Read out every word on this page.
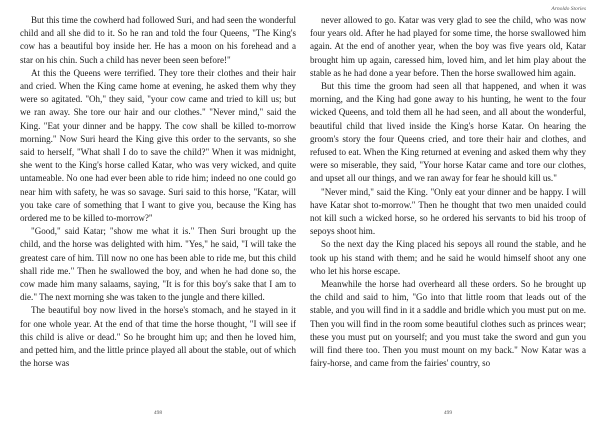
But this time the cowherd had followed Suri, and had seen the wonderful child and all she did to it. So he ran and told the four Queens, "The King's cow has a beautiful boy inside her. He has a moon on his forehead and a star on his chin. Such a child has never been seen before!"

At this the Queens were terrified. They tore their clothes and their hair and cried. When the King came home at evening, he asked them why they were so agitated. "Oh," they said, "your cow came and tried to kill us; but we ran away. She tore our hair and our clothes." "Never mind," said the King. "Eat your dinner and be happy. The cow shall be killed to-morrow morning." Now Suri heard the King give this order to the servants, so she said to herself, "What shall I do to save the child?" When it was midnight, she went to the King's horse called Katar, who was very wicked, and quite untameable. No one had ever been able to ride him; indeed no one could go near him with safety, he was so savage. Suri said to this horse, "Katar, will you take care of something that I want to give you, because the King has ordered me to be killed to-morrow?"

"Good," said Katar; "show me what it is." Then Suri brought up the child, and the horse was delighted with him. "Yes," he said, "I will take the greatest care of him. Till now no one has been able to ride me, but this child shall ride me." Then he swallowed the boy, and when he had done so, the cow made him many salaams, saying, "It is for this boy's sake that I am to die." The next morning she was taken to the jungle and there killed.

The beautiful boy now lived in the horse's stomach, and he stayed in it for one whole year. At the end of that time the horse thought, "I will see if this child is alive or dead." So he brought him up; and then he loved him, and petted him, and the little prince played all about the stable, out of which the horse was

498
Arnoldo Stories

never allowed to go. Katar was very glad to see the child, who was now four years old. After he had played for some time, the horse swallowed him again. At the end of another year, when the boy was five years old, Katar brought him up again, caressed him, loved him, and let him play about the stable as he had done a year before. Then the horse swallowed him again.

But this time the groom had seen all that happened, and when it was morning, and the King had gone away to his hunting, he went to the four wicked Queens, and told them all he had seen, and all about the wonderful, beautiful child that lived inside the King's horse Katar. On hearing the groom's story the four Queens cried, and tore their hair and clothes, and refused to eat. When the King returned at evening and asked them why they were so miserable, they said, "Your horse Katar came and tore our clothes, and upset all our things, and we ran away for fear he should kill us."

"Never mind," said the King. "Only eat your dinner and be happy. I will have Katar shot to-morrow." Then he thought that two men unaided could not kill such a wicked horse, so he ordered his servants to bid his troop of sepoys shoot him.

So the next day the King placed his sepoys all round the stable, and he took up his stand with them; and he said he would himself shoot any one who let his horse escape.

Meanwhile the horse had overheard all these orders. So he brought up the child and said to him, "Go into that little room that leads out of the stable, and you will find in it a saddle and bridle which you must put on me. Then you will find in the room some beautiful clothes such as princes wear; these you must put on yourself; and you must take the sword and gun you will find there too. Then you must mount on my back." Now Katar was a fairy-horse, and came from the fairies' country, so

499
